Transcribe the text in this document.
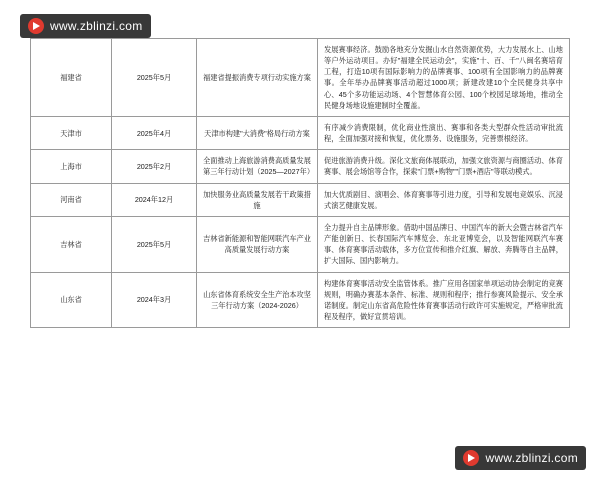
www.zblinzi.com
福建省	2025年5月	福建省提振消费专项行动实施方案	发展赛事经济。鼓励各地充分发掘山水自然资源优势，大力发展水上、山地等户外运动项目。办好"福建全民运动会"，实施"十、百、千"八闽名赛培育工程，打造10项有国际影响力的品牌赛事、100项有全国影响力的品牌赛事。全年举办品牌赛事活动超过1000项；新建改建10个全民健身共享中心、45个多功能运动场、4个智慧体育公园、100个校园足球场地，推动全民健身场地设施建制时全覆盖。
天津市	2025年4月	天津市构建"大消费"格局行动方案	有序减少消费限制，优化商业性演出、赛事和各类大型群众性活动审批流程，全面加强对接和恢复，优化票务、设施服务，完善票根经济。
上海市	2025年2月	全面推动上海旅游消费高质量发展第三年行动计划（2025—2027年）	促进旅游消费升级。深化文旅商体展联动，加强文旅资源与商圈活动、体育赛事、展会场馆等合作，探索"门票+购物""门票+酒店"等联动模式。
河南省	2024年12月	加快服务业高质量发展若干政策措施	加大优质剧目、演唱会、体育赛事等引进力度，引导和发展电竞娱乐、沉浸式演艺健康发展。
吉林省	2025年5月	吉林省新能源和智能网联汽车产业高质量发展行动方案	全力提升自主品牌形象。借助中国品牌日、中国汽车的新大会暨吉林省汽车产能创新日、长春国际汽车博览会、东北亚博览会，以及智能网联汽车赛事、体育赛事活动载体，多方位宣传和推介红旗、解放、奔腾等自主品牌，扩大国际、国内影响力。
山东省	2024年3月	山东省体育系统安全生产治本攻坚三年行动方案（2024-2026）	构建体育赛事活动安全监管体系。推广应用各国家单项运动协会制定的竞赛规则，明确办赛基本条件、标准、规则和程序；推行参赛风险提示、安全承诺制度。制定山东省高危险性体育赛事活动行政许可实施规定，严格审批流程及程序，做好宣贯培训。
www.zblinzi.com
